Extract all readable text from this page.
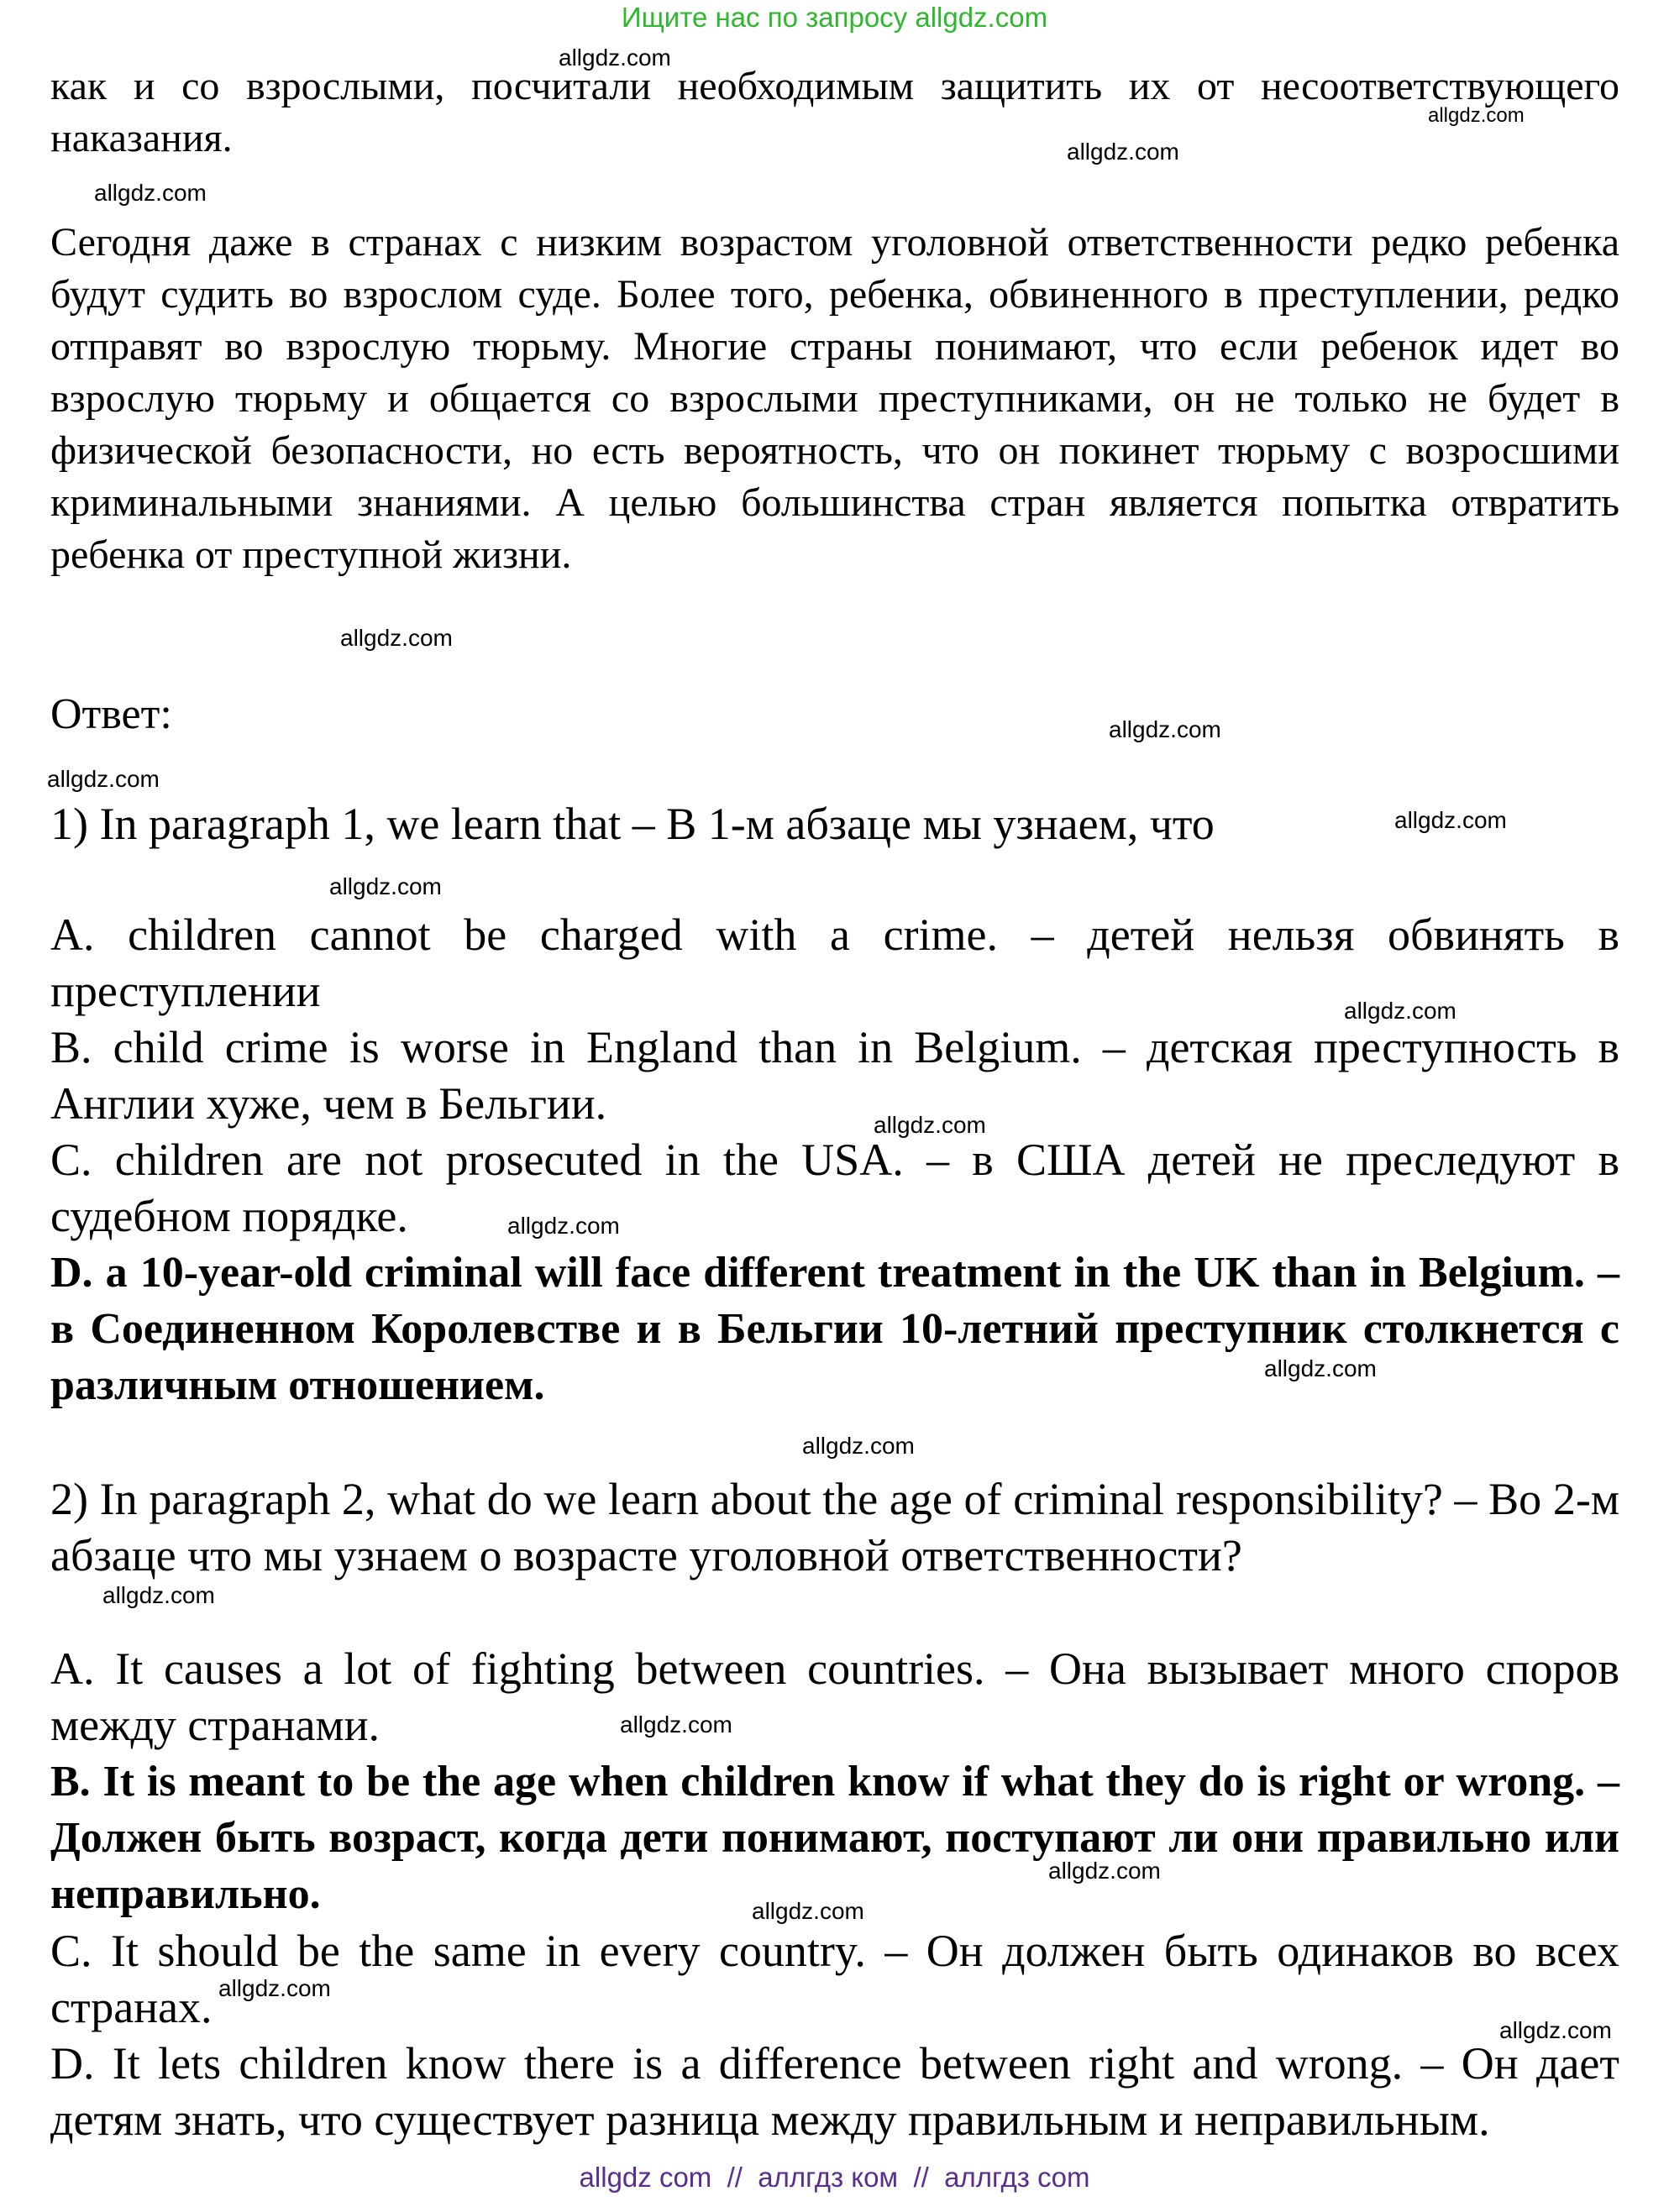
Ищите нас по запросу allgdz.com
как и со взрослыми, посчитали необходимым защитить их от несоответствующего наказания.
Сегодня даже в странах с низким возрастом уголовной ответственности редко ребенка будут судить во взрослом суде. Более того, ребенка, обвиненного в преступлении, редко отправят во взрослую тюрьму. Многие страны понимают, что если ребенок идет во взрослую тюрьму и общается со взрослыми преступниками, он не только не будет в физической безопасности, но есть вероятность, что он покинет тюрьму с возросшими криминальными знаниями. А целью большинства стран является попытка отвратить ребенка от преступной жизни.
Ответ:
1) In paragraph 1, we learn that – В 1-м абзаце мы узнаем, что
A. children cannot be charged with a crime. – детей нельзя обвинять в преступлении
B. child crime is worse in England than in Belgium. – детская преступность в Англии хуже, чем в Бельгии.
C. children are not prosecuted in the USA. – в США детей не преследуют в судебном порядке.
D. a 10-year-old criminal will face different treatment in the UK than in Belgium. – в Соединенном Королевстве и в Бельгии 10-летний преступник столкнется с различным отношением.
2) In paragraph 2, what do we learn about the age of criminal responsibility? – Во 2-м абзаце что мы узнаем о возрасте уголовной ответственности?
A. It causes a lot of fighting between countries. – Она вызывает много споров между странами.
B. It is meant to be the age when children know if what they do is right or wrong. – Должен быть возраст, когда дети понимают, поступают ли они правильно или неправильно.
C. It should be the same in every country. – Он должен быть одинаков во всех странах.
D. It lets children know there is a difference between right and wrong. – Он дает детям знать, что существует разница между правильным и неправильным.
allgdz.com
allgdz.com
allgdz.com
allgdz.com
allgdz.com
allgdz.com
allgdz.com
allgdz.com
allgdz.com
allgdz.com
allgdz.com
allgdz.com
allgdz.com
allgdz.com
allgdz.com
allgdz.com
allgdz.com
allgdz.com
allgdz.com
allgdz.com
allgdz com  //  аллгдз ком  //  аллгдз com
